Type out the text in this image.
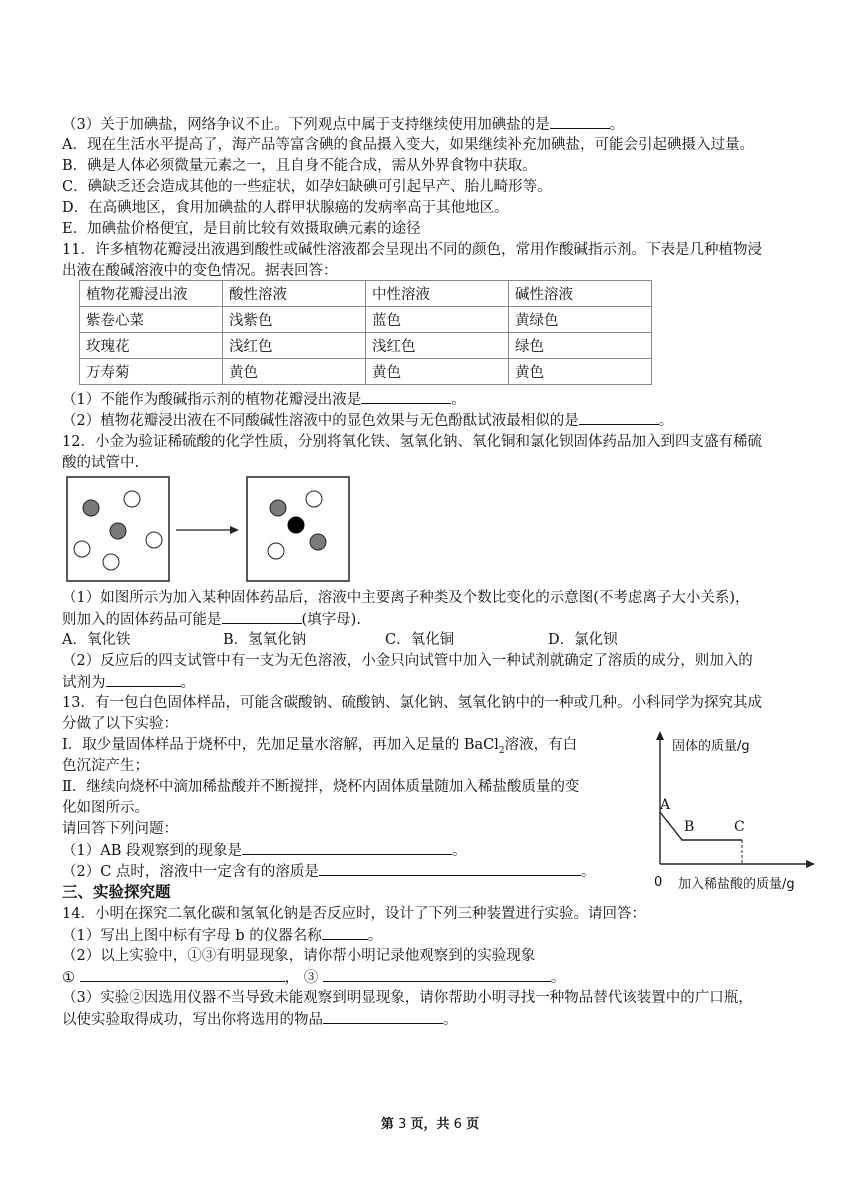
（3）关于加碘盐，网络争议不止。下列观点中属于支持继续使用加碘盐的是	。
A．现在生活水平提高了，海产品等富含碘的食品摄入变大，如果继续补充加碘盐，可能会引起碘摄入过量。
B．碘是人体必须微量元素之一，且自身不能合成，需从外界食物中获取。
C．碘缺乏还会造成其他的一些症状，如孕妇缺碘可引起早产、胎儿畸形等。
D．在高碘地区，食用加碘盐的人群甲状腺癌的发病率高于其他地区。
E．加碘盐价格便宜，是目前比较有效摄取碘元素的途径
11．许多植物花瓣浸出液遇到酸性或碱性溶液都会呈现出不同的颜色，常用作酸碱指示剂。下表是几种植物浸
出液在酸碱溶液中的变色情况。据表回答：
植物花瓣浸出液	酸性溶液	中性溶液	碱性溶液
紫卷心菜	浅紫色	蓝色	黄绿色
玫瑰花	浅红色	浅红色	绿色
万寿菊	黄色	黄色	黄色
（1）不能作为酸碱指示剂的植物花瓣浸出液是	。
（2）植物花瓣浸出液在不同酸碱性溶液中的显色效果与无色酚酞试液最相似的是	。
12．小金为验证稀硫酸的化学性质，分别将氧化铁、氢氧化钠、氧化铜和氯化钡固体药品加入到四支盛有稀硫
酸的试管中.
（1）如图所示为加入某种固体药品后，溶液中主要离子种类及个数比变化的示意图(不考虑离子大小关系)，
则加入的固体药品可能是	(填字母).
A．氧化铁	B．氢氧化钠	C．氧化铜	D．氯化钡
（2）反应后的四支试管中有一支为无色溶液，小金只向试管中加入一种试剂就确定了溶质的成分，则加入的
试剂为	。
13．有一包白色固体样品，可能含碳酸钠、硫酸钠、氯化钠、氢氧化钠中的一种或几种。小科同学为探究其成
分做了以下实验：
Ⅰ．取少量固体样品于烧杯中，先加足量水溶解，再加入足量的 BaCl$_2$溶液，有白
色沉淀产生；
Ⅱ．继续向烧杯中滴加稀盐酸并不断搅拌，烧杯内固体质量随加入稀盐酸质量的变
化如图所示。
请回答下列问题：
（1）AB 段观察到的现象是	。
（2）C 点时，溶液中一定含有的溶质是	。
固体的质量/g
A
B	C
0 加入稀盐酸的质量/g
三、实验探究题
14．小明在探究二氧化碳和氢氧化钠是否反应时，设计了下列三种装置进行实验。请回答：
（1）写出上图中标有字母 b 的仪器名称	。
（2）以上实验中，①③有明显现象，请你帮小明记录他观察到的实验现象
①	， ③	。
（3）实验②因选用仪器不当导致未能观察到明显现象，请你帮助小明寻找一种物品替代该装置中的广口瓶，
以使实验取得成功，写出你将选用的物品	。
第 3 页，共 6 页
